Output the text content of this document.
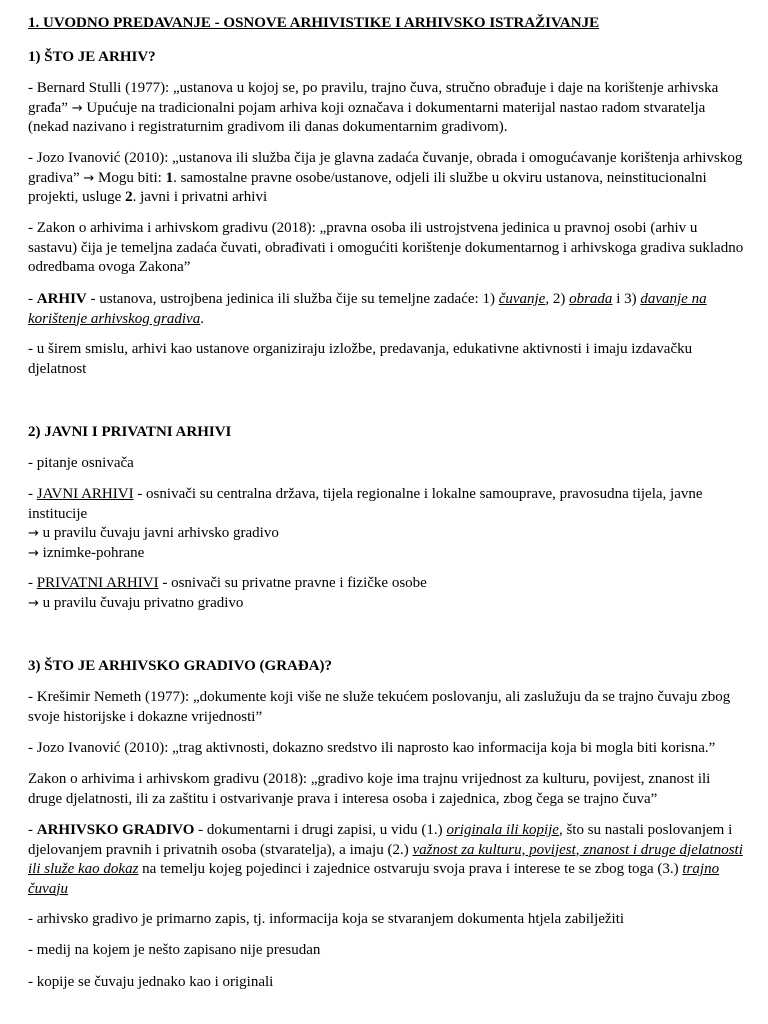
1. UVODNO PREDAVANJE - OSNOVE ARHIVISTIKE I ARHIVSKO ISTRAŽIVANJE

1) ŠTO JE ARHIV?

- Bernard Stulli (1977): „ustanova u kojoj se, po pravilu, trajno čuva, stručno obrađuje i daje na korištenje arhivska građa” → Upućuje na tradicionalni pojam arhiva koji označava i dokumentarni materijal nastao radom stvaratelja (nekad nazivano i registraturnim gradivom ili danas dokumentarnim gradivom).

- Jozo Ivanović (2010): „ustanova ili služba čija je glavna zadaća čuvanje, obrada i omogućavanje korištenja arhivskog gradiva” → Mogu biti: 1. samostalne pravne osobe/ustanove, odjeli ili službe u okviru ustanova, neinstitucionalni projekti, usluge 2. javni i privatni arhivi

- Zakon o arhivima i arhivskom gradivu (2018): „pravna osoba ili ustrojstvena jedinica u pravnoj osobi (arhiv u sastavu) čija je temeljna zadaća čuvati, obrađivati i omogućiti korištenje dokumentarnog i arhivskoga gradiva sukladno odredbama ovoga Zakona”

- ARHIV - ustanova, ustrojbena jedinica ili služba čije su temeljne zadaće: 1) čuvanje, 2) obrada i 3) davanje na korištenje arhivskog gradiva.

- u širem smislu, arhivi kao ustanove organiziraju izložbe, predavanja, edukativne aktivnosti i imaju izdavačku djelatnost

2) JAVNI I PRIVATNI ARHIVI

- pitanje osnivača

- JAVNI ARHIVI - osnivači su centralna država, tijela regionalne i lokalne samouprave, pravosudna tijela, javne institucije
→ u pravilu čuvaju javni arhivsko gradivo
→ iznimke-pohrane

- PRIVATNI ARHIVI - osnivači su privatne pravne i fizičke osobe
→ u pravilu čuvaju privatno gradivo

3) ŠTO JE ARHIVSKO GRADIVO (GRAĐA)?

- Krešimir Nemeth (1977): „dokumente koji više ne služe tekućem poslovanju, ali zaslužuju da se trajno čuvaju zbog svoje historijske i dokazne vrijednosti”

- Jozo Ivanović (2010): „trag aktivnosti, dokazno sredstvo ili naprosto kao informacija koja bi mogla biti korisna.”

Zakon o arhivima i arhivskom gradivu (2018): „gradivo koje ima trajnu vrijednost za kulturu, povijest, znanost ili druge djelatnosti, ili za zaštitu i ostvarivanje prava i interesa osoba i zajednica, zbog čega se trajno čuva”

- ARHIVSKO GRADIVO - dokumentarni i drugi zapisi, u vidu (1.) originala ili kopije, što su nastali poslovanjem i djelovanjem pravnih i privatnih osoba (stvaratelja), a imaju (2.) važnost za kulturu, povijest, znanost i druge djelatnosti ili služe kao dokaz na temelju kojeg pojedinci i zajednice ostvaruju svoja prava i interese te se zbog toga (3.) trajno čuvaju

- arhivsko gradivo je primarno zapis, tj. informacija koja se stvaranjem dokumenta htjela zabilježiti

- medij na kojem je nešto zapisano nije presudan

- kopije se čuvaju jednako kao i originali
